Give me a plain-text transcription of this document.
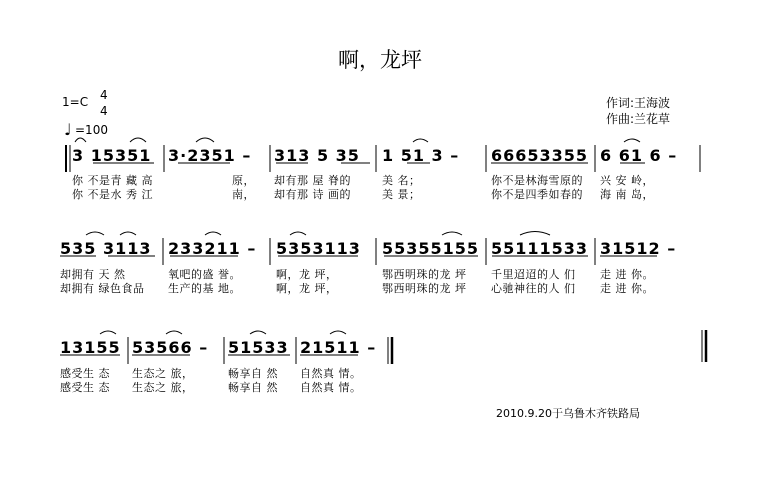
啊，龙坪
1=C 4
4
♩ =100
作词:王海波
作曲:兰花草
3 15351 3·2351 – 313 5 35 1 51 3 – 66653355 6 61 6 –
你 不是青 藏 高	原， 却有那 屋 脊的	美 名；	你不是林海雪原的 兴 安 岭，
你 不是水 秀 江	南， 却有那 诗 画的	美 景；	你不是四季如春的 海 南 岛，
535 3113 233211 – 5353113 55355155 55111533 31512 –
却拥有 天 然	氧吧的盛 誉。	啊，龙 坪，	鄂西明珠的龙 坪 千里迢迢的人 们 走 进 你。
却拥有 绿色食品 生产的基 地。	啊，龙 坪，	鄂西明珠的龙 坪 心驰神往的人 们 走 进 你。
13155 53566 – 51533 21511 –
感受生 态 生态之 旅，	畅享自 然 自然真 情。
感受生 态 生态之 旅，	畅享自 然 自然真 情。
2010.9.20于乌鲁木齐铁路局
